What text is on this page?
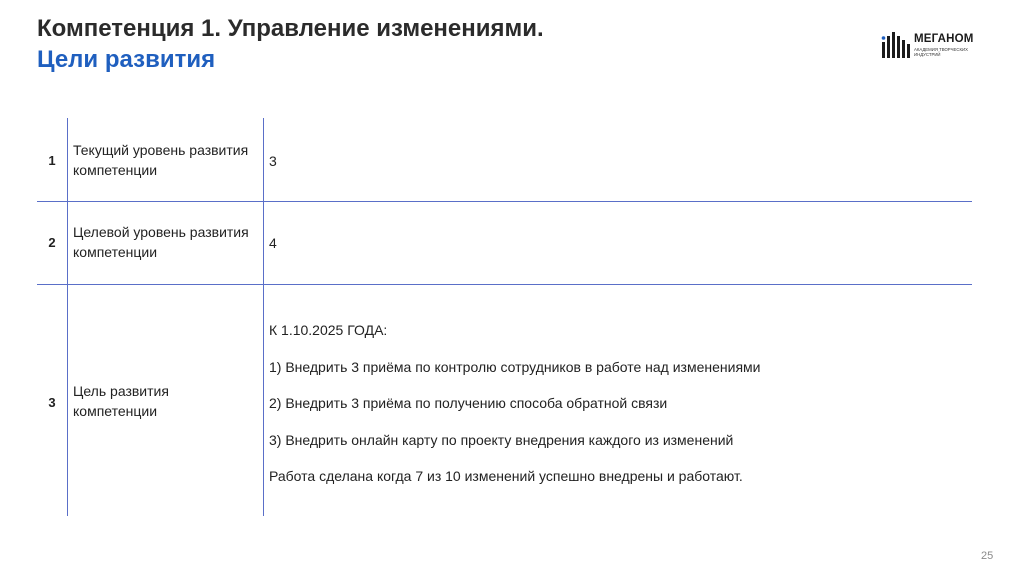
Компетенция 1. Управление изменениями.
Цели развития
МЕГАНОМ
АКАДЕМИЯ ТВОРЧЕСКИХ ИНДУСТРИЙ
1
Текущий уровень развития компетенции
3
2
Целевой уровень развития компетенции
4
3
Цель развития компетенции
К 1.10.2025 ГОДА:
1) Внедрить 3 приёма по контролю сотрудников в работе над изменениями
2) Внедрить 3 приёма по получению способа обратной связи
3) Внедрить онлайн карту по проекту внедрения каждого из изменений
Работа сделана когда 7 из 10 изменений успешно внедрены и работают.
25
